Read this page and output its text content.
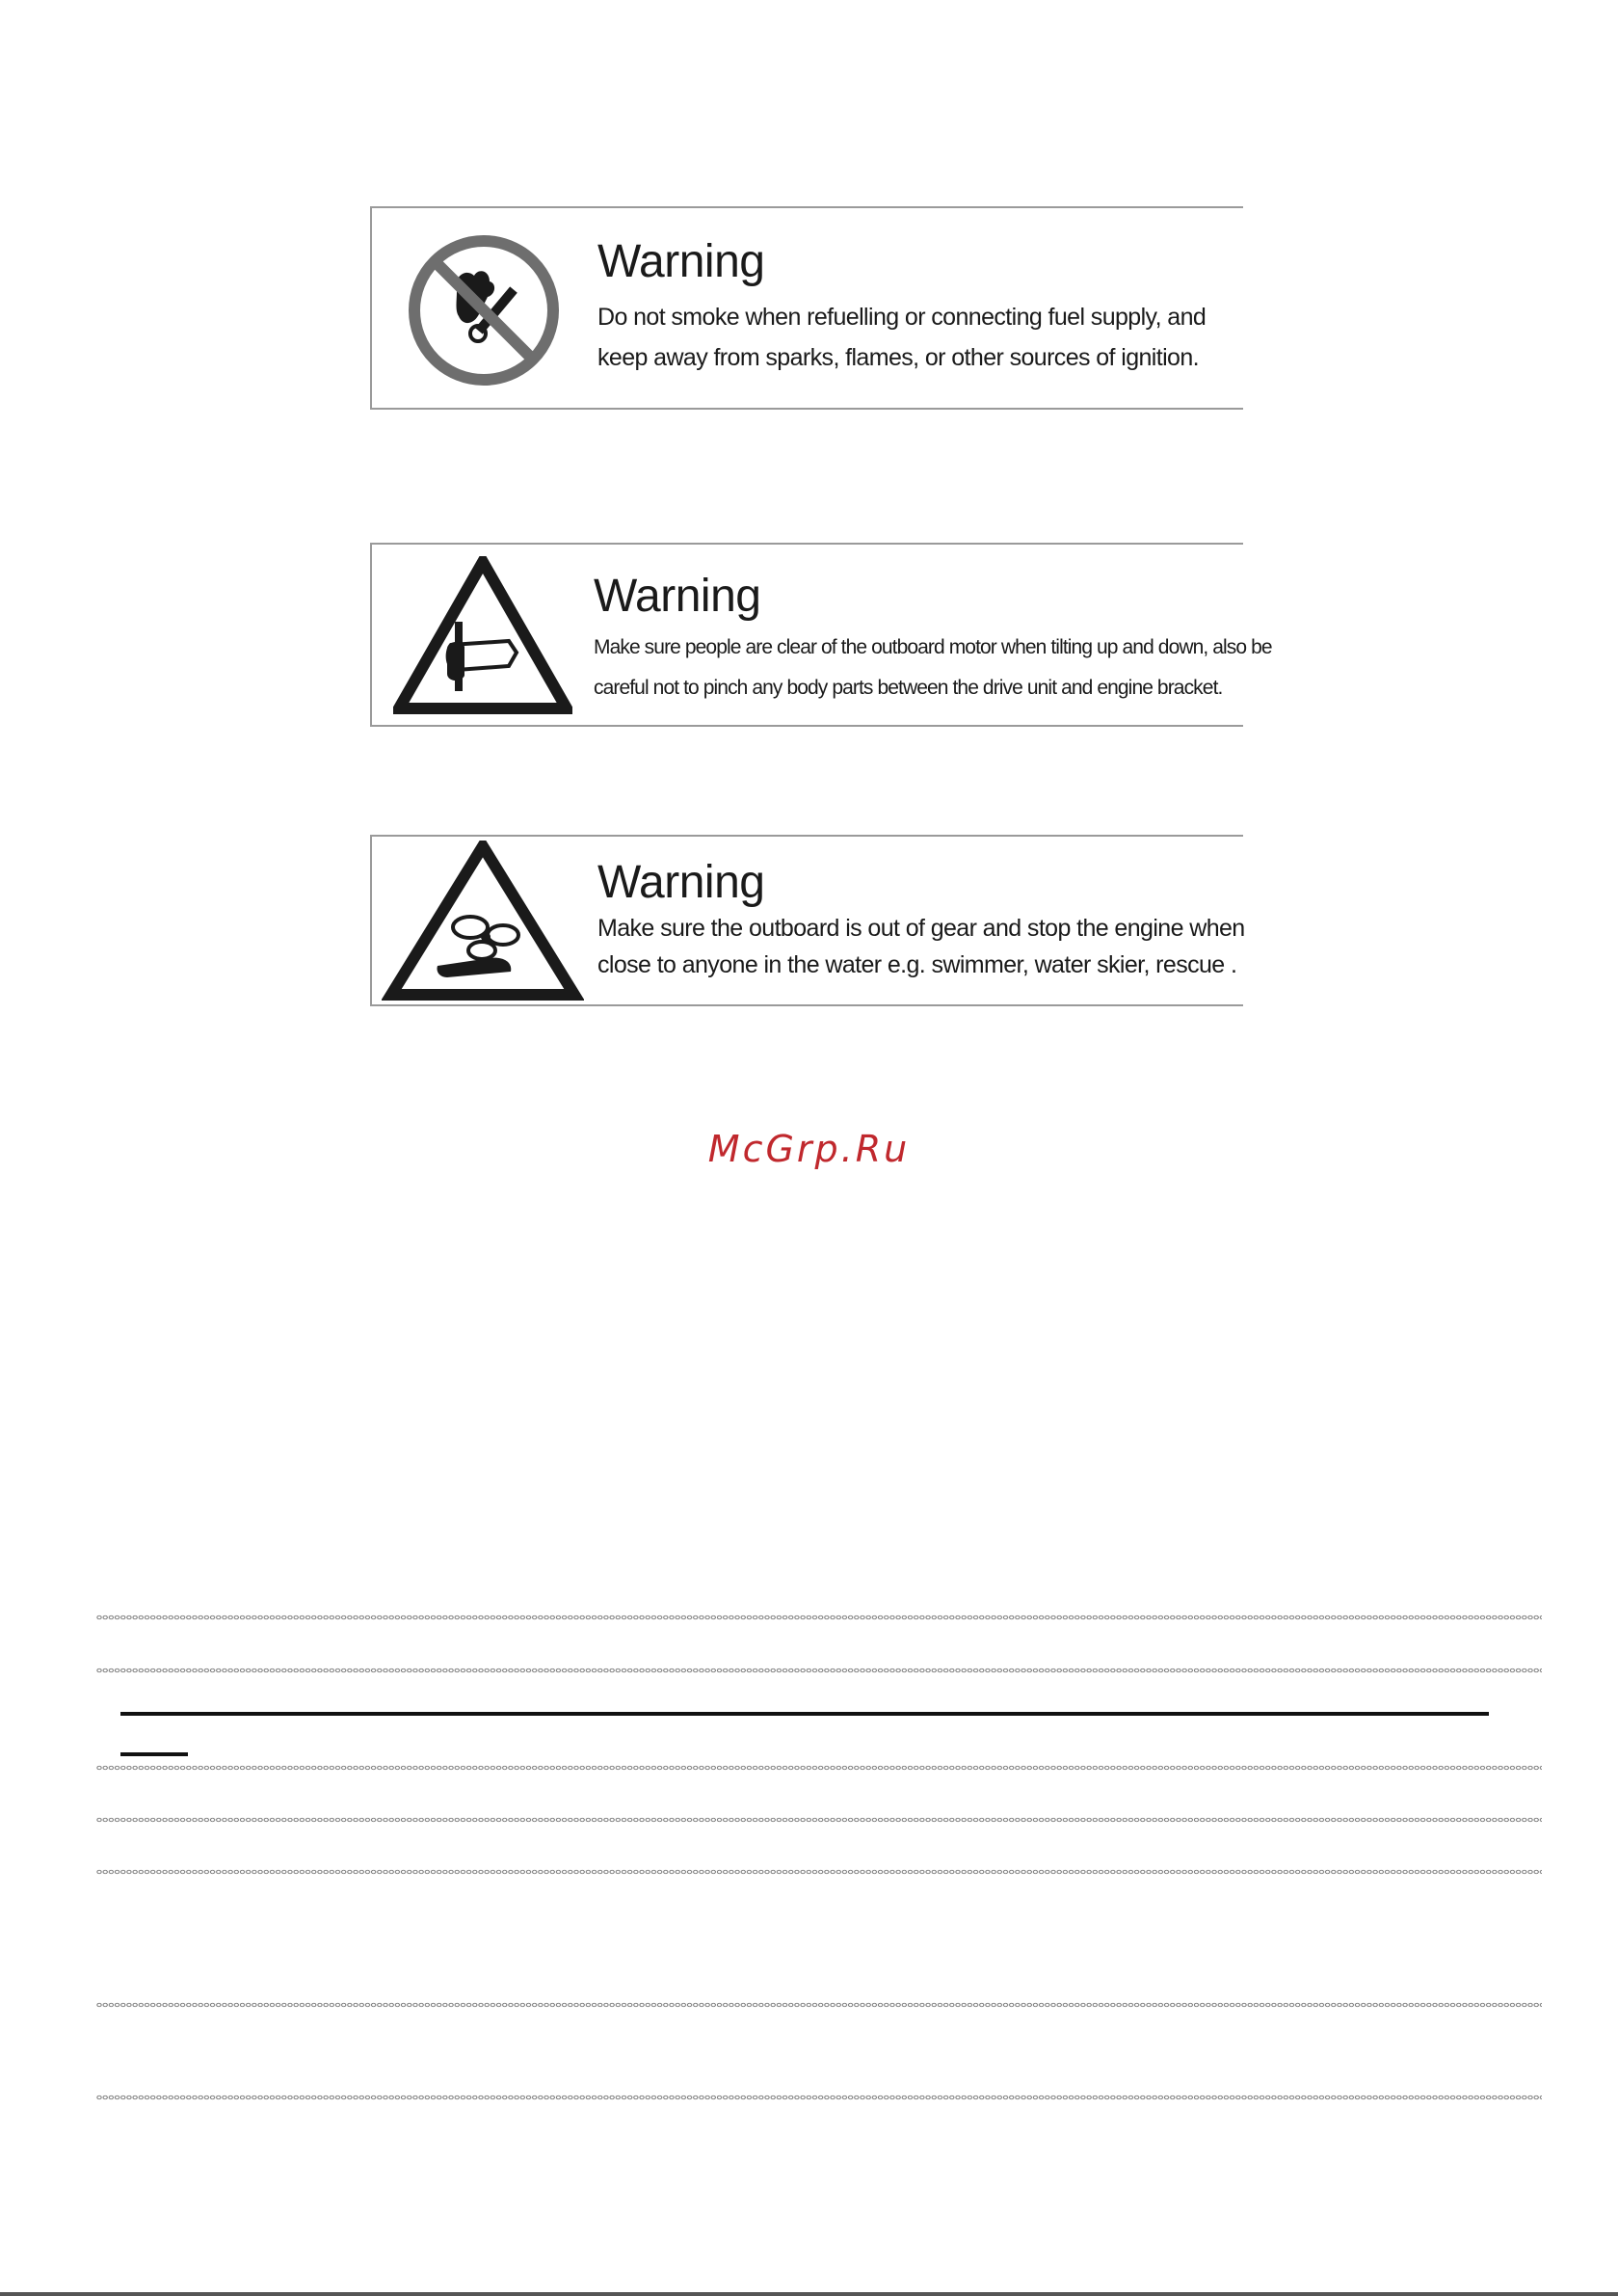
Warning
Do not smoke when refuelling or connecting fuel supply, and
keep away from sparks, flames, or other sources of ignition.
Warning
Make sure people are clear of the outboard motor when tilting up and down, also be
careful not to pinch any body parts between the drive unit and engine bracket.
Warning
Make sure the outboard is out of gear and stop the engine when
close to anyone in the water e.g. swimmer, water skier, rescue .
McGrp.Ru
